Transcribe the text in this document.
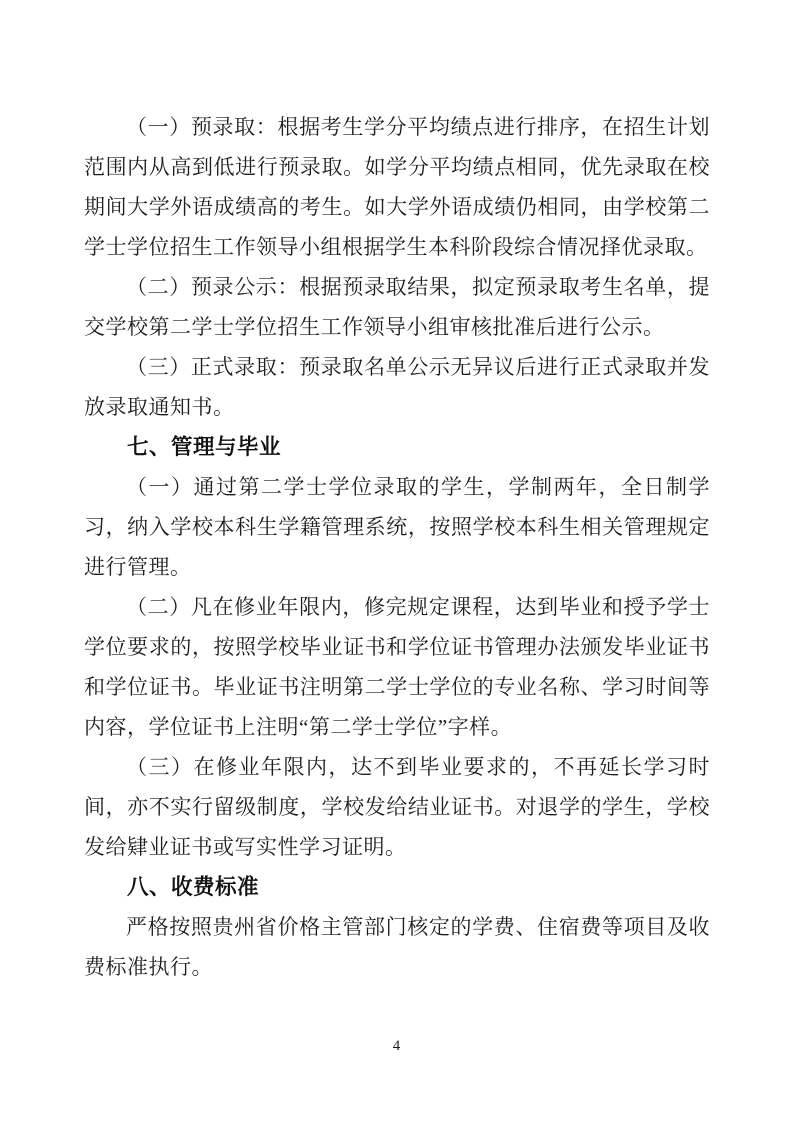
（一）预录取：根据考生学分平均绩点进行排序，在招生计划范围内从高到低进行预录取。如学分平均绩点相同，优先录取在校期间大学外语成绩高的考生。如大学外语成绩仍相同，由学校第二学士学位招生工作领导小组根据学生本科阶段综合情况择优录取。

（二）预录公示：根据预录取结果，拟定预录取考生名单，提交学校第二学士学位招生工作领导小组审核批准后进行公示。

（三）正式录取：预录取名单公示无异议后进行正式录取并发放录取通知书。

七、管理与毕业

（一）通过第二学士学位录取的学生，学制两年，全日制学习，纳入学校本科生学籍管理系统，按照学校本科生相关管理规定进行管理。

（二）凡在修业年限内，修完规定课程，达到毕业和授予学士学位要求的，按照学校毕业证书和学位证书管理办法颁发毕业证书和学位证书。毕业证书注明第二学士学位的专业名称、学习时间等内容，学位证书上注明“第二学士学位”字样。

（三）在修业年限内，达不到毕业要求的，不再延长学习时间，亦不实行留级制度，学校发给结业证书。对退学的学生，学校发给肄业证书或写实性学习证明。

八、收费标准

严格按照贵州省价格主管部门核定的学费、住宿费等项目及收费标准执行。

4
